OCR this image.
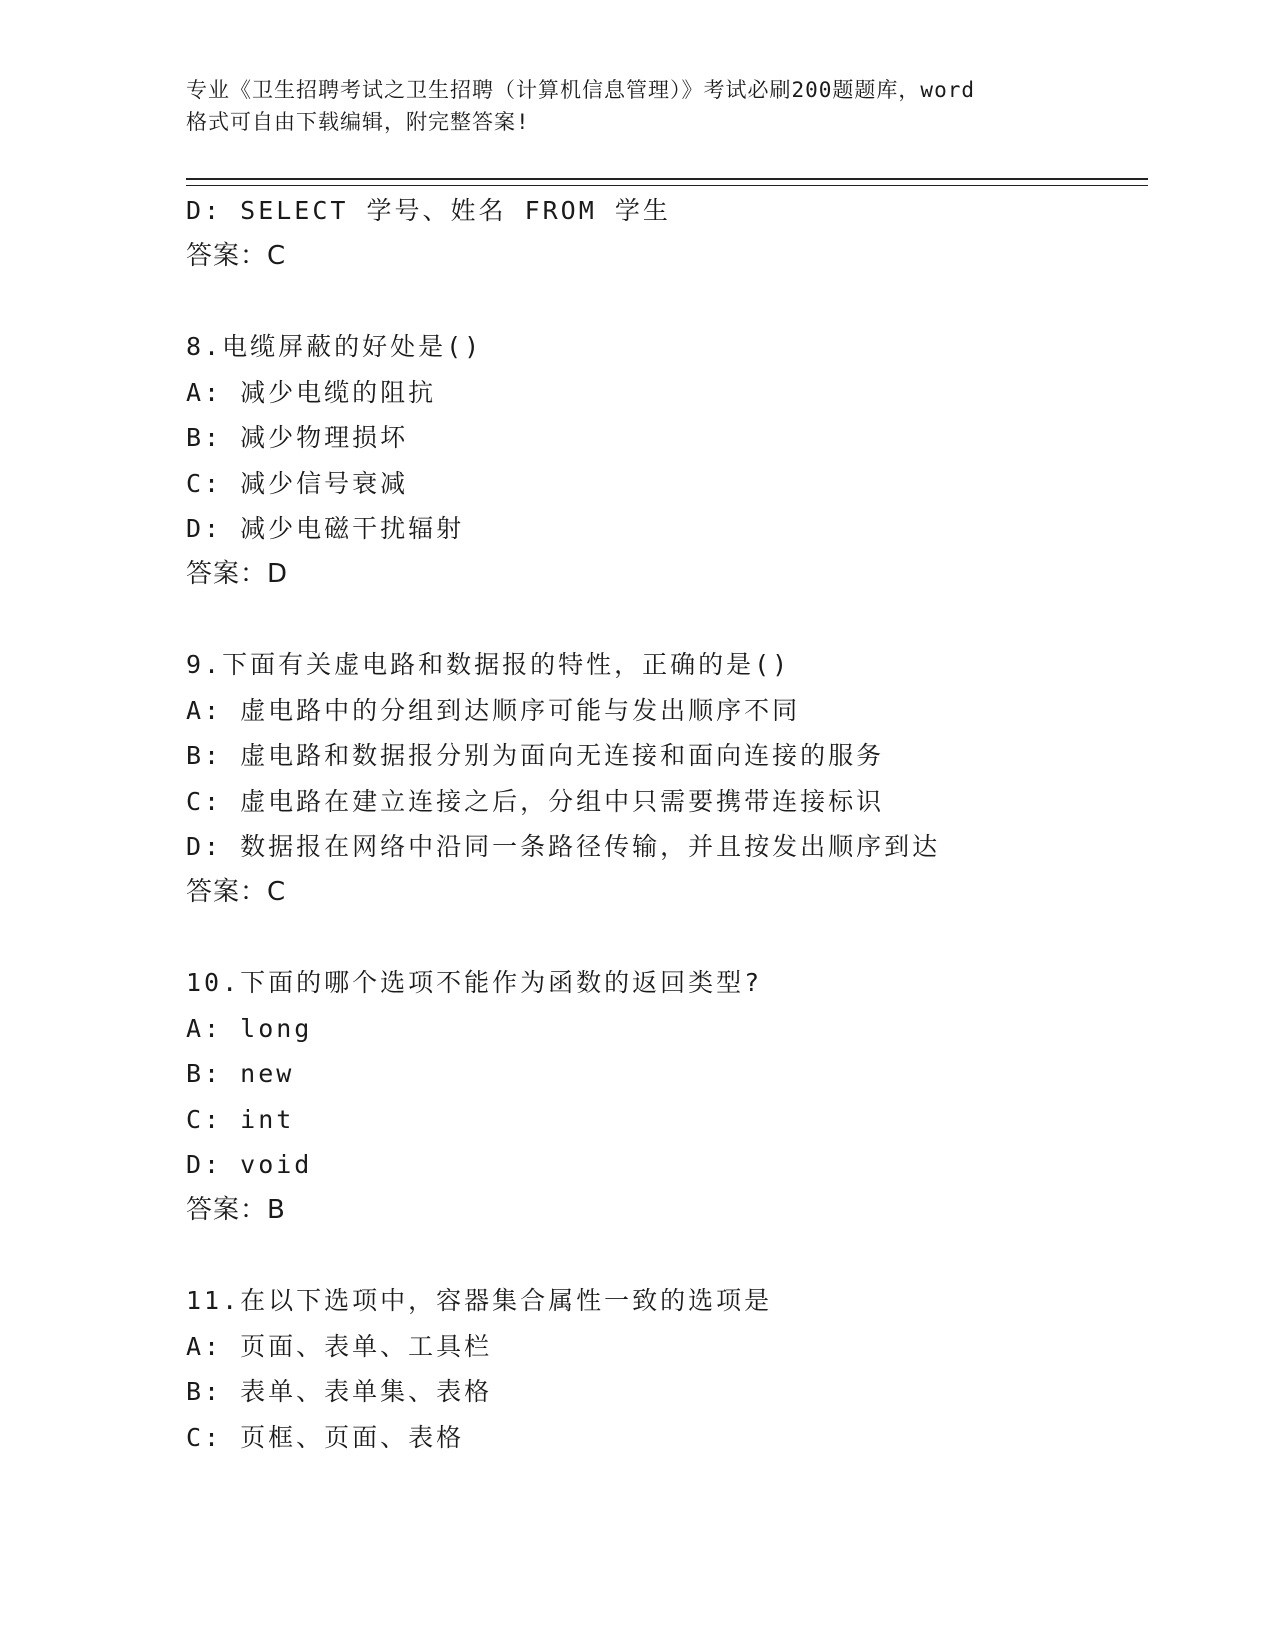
专业《卫生招聘考试之卫生招聘（计算机信息管理）》考试必刷200题题库，word
格式可自由下载编辑，附完整答案!
D: SELECT 学号、姓名 FROM 学生
答案：C
8.电缆屏蔽的好处是()
A: 减少电缆的阻抗
B: 减少物理损坏
C: 减少信号衰减
D: 减少电磁干扰辐射
答案：D
9.下面有关虚电路和数据报的特性，正确的是()
A: 虚电路中的分组到达顺序可能与发出顺序不同
B: 虚电路和数据报分别为面向无连接和面向连接的服务
C: 虚电路在建立连接之后，分组中只需要携带连接标识
D: 数据报在网络中沿同一条路径传输，并且按发出顺序到达
答案：C
10.下面的哪个选项不能作为函数的返回类型?
A: long
B: new
C: int
D: void
答案：B
11.在以下选项中，容器集合属性一致的选项是
A: 页面、表单、工具栏
B: 表单、表单集、表格
C: 页框、页面、表格
